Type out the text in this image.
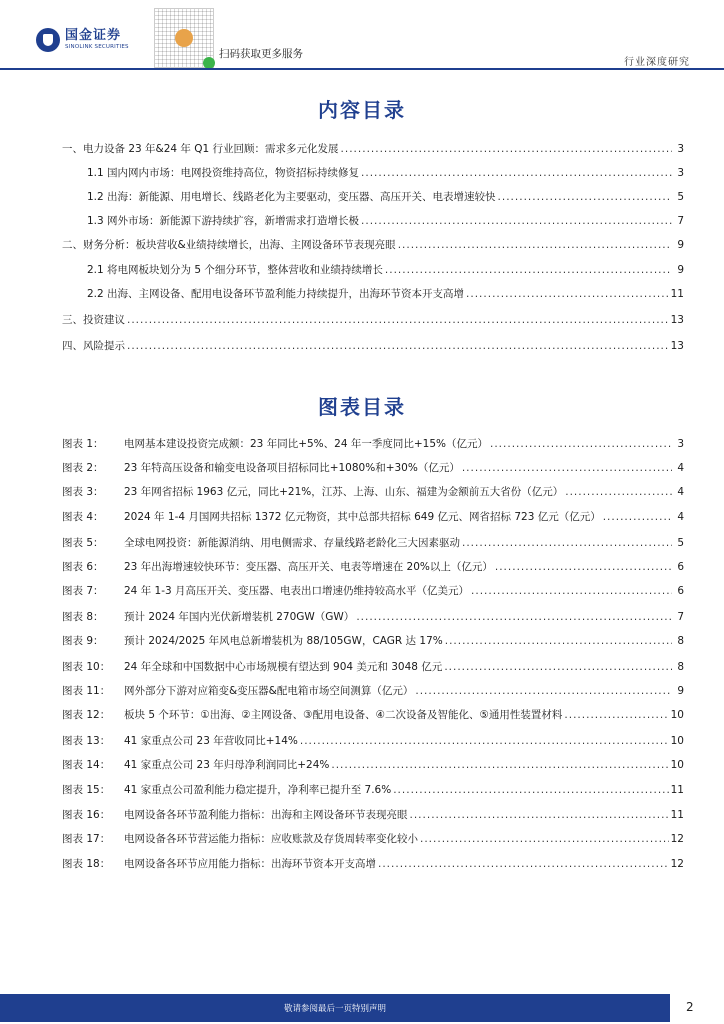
国金证券
SINOLINK SECURITIES
扫码获取更多服务
行业深度研究
内容目录
一、电力设备 23 年&24 年 Q1 行业回顾：需求多元化发展 .....	3
1.1 国内网内市场：电网投资维持高位，物资招标持续修复 .....	3
1.2 出海：新能源、用电增长、线路老化为主要驱动，变压器、高压开关、电表增速较快 .....	5
1.3 网外市场：新能源下游持续扩容，新增需求打造增长极 .....	7
二、财务分析：板块营收&业绩持续增长，出海、主网设备环节表现亮眼 .....	9
2.1 将电网板块划分为 5 个细分环节，整体营收和业绩持续增长 .....	9
2.2 出海、主网设备、配用电设备环节盈利能力持续提升，出海环节资本开支高增 .....	11
三、投资建议 .....	13
四、风险提示 .....	13
图表目录
图表 1：	电网基本建设投资完成额：23 年同比+5%、24 年一季度同比+15%（亿元） .....	3
图表 2：	23 年特高压设备和输变电设备项目招标同比+1080%和+30%（亿元） .....	4
图表 3：	23 年网省招标 1963 亿元，同比+21%，江苏、上海、山东、福建为金额前五大省份（亿元） .....	4
图表 4：	2024 年 1-4 月国网共招标 1372 亿元物资，其中总部共招标 649 亿元、网省招标 723 亿元（亿元） .....	4
图表 5：	全球电网投资：新能源消纳、用电侧需求、存量线路老龄化三大因素驱动 .....	5
图表 6：	23 年出海增速较快环节：变压器、高压开关、电表等增速在 20%以上（亿元） .....	6
图表 7：	24 年 1-3 月高压开关、变压器、电表出口增速仍维持较高水平（亿美元） .....	6
图表 8：	预计 2024 年国内光伏新增装机 270GW（GW） .....	7
图表 9：	预计 2024/2025 年风电总新增装机为 88/105GW，CAGR 达 17% .....	8
图表 10：	24 年全球和中国数据中心市场规模有望达到 904 美元和 3048 亿元 .....	8
图表 11：	网外部分下游对应箱变&变压器&配电箱市场空间测算（亿元） .....	9
图表 12：	板块 5 个环节：①出海、②主网设备、③配用电设备、④二次设备及智能化、⑤通用性装置材料 .....	10
图表 13：	41 家重点公司 23 年营收同比+14% .....	10
图表 14：	41 家重点公司 23 年归母净利润同比+24% .....	10
图表 15：	41 家重点公司盈利能力稳定提升，净利率已提升至 7.6% .....	11
图表 16：	电网设备各环节盈利能力指标：出海和主网设备环节表现亮眼 .....	11
图表 17：	电网设备各环节营运能力指标：应收账款及存货周转率变化较小 .....	12
图表 18：	电网设备各环节应用能力指标：出海环节资本开支高增 .....	12
敬请参阅最后一页特别声明	2
